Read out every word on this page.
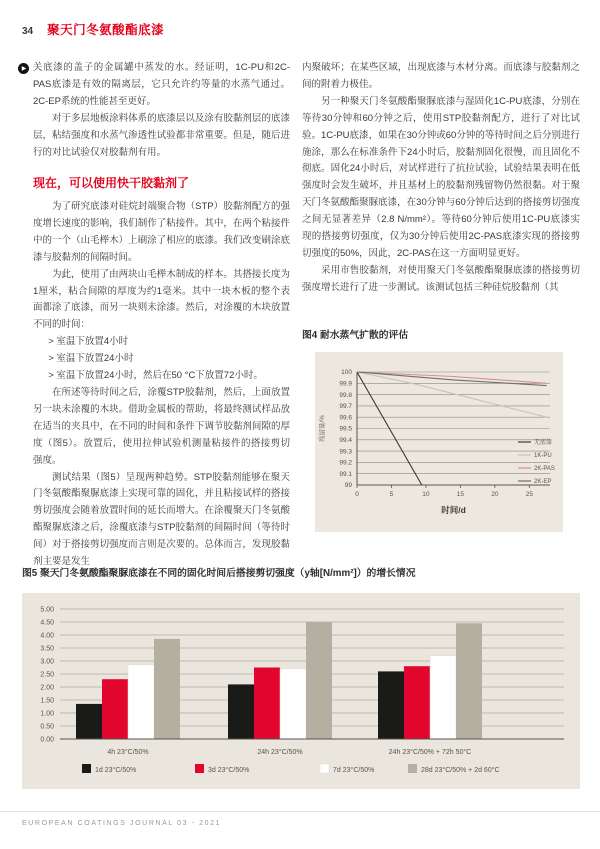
34 聚天门冬氨酸酯底漆
▶

关底漆的盖子的金属罐中蒸发的水。经证明，1C-PU和2C-PAS底漆是有效的隔离层，它只允许约等量的水蒸气通过。2C-EP系统的性能甚至更好。

对于多层地板涂料体系的底漆层以及涂有胶黏剂层的底漆层，粘结强度和水蒸气渗透性试验都非常重要。但是，随后进行的对比试验仅对胶黏剂有用。

现在，可以使用快干胶黏剂了

为了研究底漆对硅烷封端聚合物（STP）胶黏剂配方的强度增长速度的影响，我们制作了粘接件。其中，在两个粘接件中的一个（山毛榉木）上刷涂了相应的底漆。我们改变刷涂底漆与胶黏剂的间隔时间。

为此，使用了由两块山毛榉木制成的样本。其搭接长度为1厘米，粘合间隙的厚度为约1毫米。其中一块木板的整个表面都涂了底漆，而另一块则未涂漆。然后，对涂覆的木块放置不同的时间：

> 室温下放置4小时
> 室温下放置24小时
> 室温下放置24小时，然后在50 °C下放置72小时。

在所述等待时间之后，涂覆STP胶黏剂，然后，上面放置另一块未涂覆的木块。借助金属板的帮助，将最终测试样品放在适当的夹具中，在不同的时间和条件下调节胶黏剂间隙的厚度（图5）。放置后，使用拉伸试验机测量粘接件的搭接剪切强度。

测试结果（图5）呈现两种趋势。STP胶黏剂能够在聚天门冬氨酸酯聚脲底漆上实现可靠的固化，并且粘接试样的搭接剪切强度会随着放置时间的延长而增大。在涂覆聚天门冬氨酸酯聚脲底漆之后，涂覆底漆与STP胶黏剂的间隔时间（等待时间）对于搭接剪切强度而言则是次要的。总体而言，发现胶黏剂主要是发生

内聚破坏；在某些区域，出现底漆与木材分离。而底漆与胶黏剂之间的附着力极佳。

另一种聚天门冬氨酸酯聚脲底漆与湿固化1C-PU底漆，分别在等待30分钟和60分钟之后，使用STP胶黏剂配方，进行了对比试验。1C-PU底漆，如果在30分钟或60分钟的等待时间之后分别进行施涂，那么在标准条件下24小时后，胶黏剂固化很慢，而且固化不彻底。固化24小时后，对试样进行了抗拉试验，试验结果表明在低强度时会发生破坏，并且基材上的胶黏剂残留物仍然很黏。对于聚天门冬氨酸酯聚脲底漆，在30分钟与60分钟后达到的搭接剪切强度之间无显著差异（2.8 N/mm²）。等待60分钟后使用1C-PU底漆实现的搭接剪切强度，仅为30分钟后使用2C-PAS底漆实现的搭接剪切强度的50%，因此，2C-PAS在这一方面明显更好。

采用市售胶黏剂，对使用聚天门冬氨酸酯聚脲底漆的搭接剪切强度增长进行了进一步测试。该测试包括三种硅烷胶黏剂（其

图4 耐水蒸气扩散的评估
99
99.1
99.2
99.3
99.4
99.5
99.6
99.7
99.8
99.9
100
0	5	10	15	20	25
时间/d
残留量/%
无底漆
1K-PU
2K-PAS
2K-EP
图5 聚天门冬氨酸酯聚脲底漆在不同的固化时间后搭接剪切强度（y轴[N/mm²]）的增长情况
0.00
0.50
1.00
1.50
2.00
2.50
3.00
3.50
4.00
4.50
5.00
4h 23°C/50%	24h 23°C/50%	24h 23°C/50% + 72h 50°C
1d 23°C/50%	3d 23°C/50%	7d 23°C/50%	28d 23°C/50% + 2d 60°C
EUROPEAN COATINGS JOURNAL 03 - 2021
